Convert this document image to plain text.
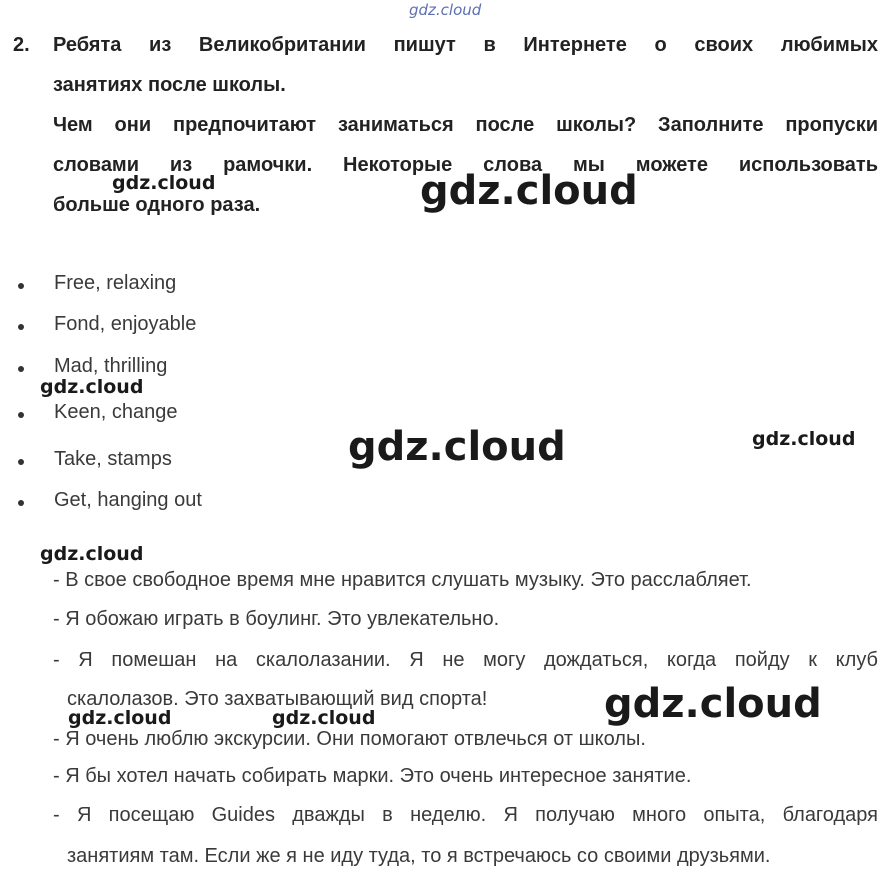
2. Ребята из Великобритании пишут в Интернете о своих любимых

занятиях после школы.

Чем они предпочитают заниматься после школы? Заполните пропуски

словами из рамочки. Некоторые слова мы можете использовать

больше одного раза.

Free, relaxing
Fond, enjoyable
Mad, thrilling
Keen, change
Take, stamps
Get, hanging out
- В свое свободное время мне нравится слушать музыку. Это расслабляет.
- Я обожаю играть в боулинг. Это увлекательно.
- Я помешан на скалолазании. Я не могу дождаться, когда пойду к клуб
скалолазов. Это захватывающий вид спорта!
- Я очень люблю экскурсии. Они помогают отвлечься от школы.
- Я бы хотел начать собирать марки. Это очень интересное занятие.
- Я посещаю Guides дважды в неделю. Я получаю много опыта, благодаря
занятиям там. Если же я не иду туда, то я встречаюсь со своими друзьями.
gdz.cloud
gdz.cloud	gdz.cloud
gdz.cloud
gdz.cloud	gdz.cloud
gdz.cloud
gdz.cloud
gdz.cloud	gdz.cloud
